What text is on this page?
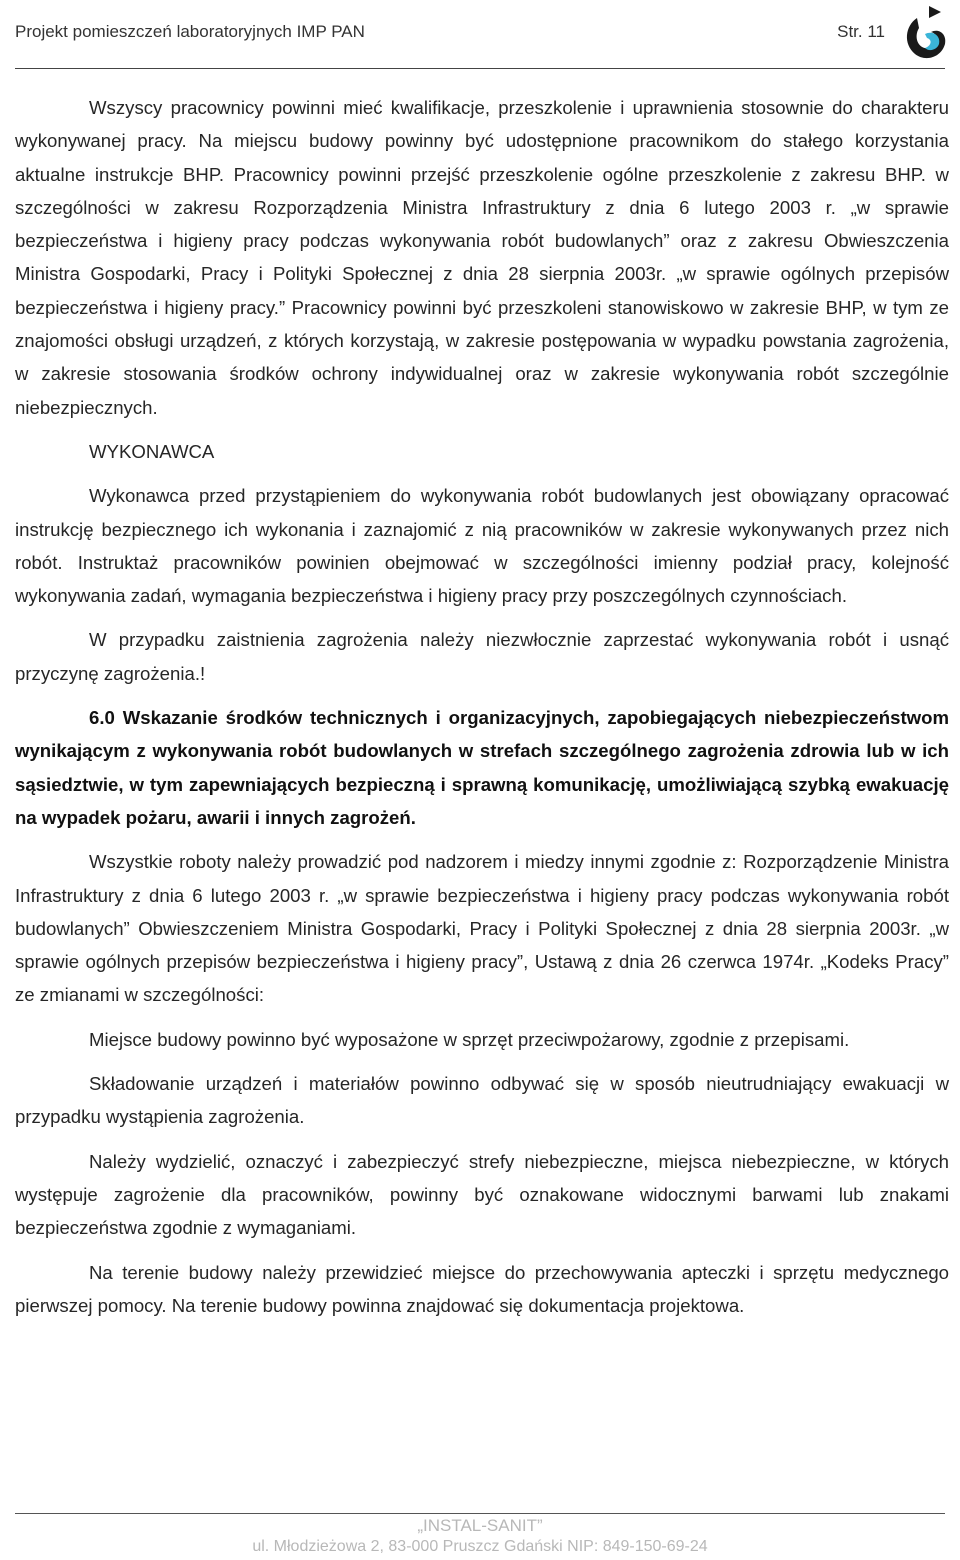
Projekt pomieszczeń laboratoryjnych IMP PAN	Str. 11

Wszyscy pracownicy powinni mieć kwalifikacje, przeszkolenie i uprawnienia stosownie do charakteru wykonywanej pracy. Na miejscu budowy powinny być udostępnione pracownikom do stałego korzystania aktualne instrukcje BHP. Pracownicy powinni przejść przeszkolenie ogólne przeszkolenie z zakresu BHP. w szczególności w zakresu Rozporządzenia Ministra Infrastruktury z dnia 6 lutego 2003 r. „w sprawie bezpieczeństwa i higieny pracy podczas wykonywania robót budowlanych” oraz z zakresu Obwieszczenia Ministra Gospodarki, Pracy i Polityki Społecznej z dnia 28 sierpnia 2003r. „w sprawie ogólnych przepisów bezpieczeństwa i higieny pracy.” Pracownicy powinni być przeszkoleni stanowiskowo w zakresie BHP, w tym ze znajomości obsługi urządzeń, z których korzystają, w zakresie postępowania w wypadku powstania zagrożenia, w zakresie stosowania środków ochrony indywidualnej oraz w zakresie wykonywania robót szczególnie niebezpiecznych.

WYKONAWCA

Wykonawca przed przystąpieniem do wykonywania robót budowlanych jest obowiązany opracować instrukcję bezpiecznego ich wykonania i zaznajomić z nią pracowników w zakresie wykonywanych przez nich robót. Instruktaż pracowników powinien obejmować w szczególności imienny podział pracy, kolejność wykonywania zadań, wymagania bezpieczeństwa i higieny pracy przy poszczególnych czynnościach.

W przypadku zaistnienia zagrożenia należy niezwłocznie zaprzestać wykonywania robót i usnąć przyczynę zagrożenia.!

6.0 Wskazanie środków technicznych i organizacyjnych, zapobiegających niebezpieczeństwom wynikającym z wykonywania robót budowlanych w strefach szczególnego zagrożenia zdrowia lub w ich sąsiedztwie, w tym zapewniających bezpieczną i sprawną komunikację, umożliwiającą szybką ewakuację na wypadek pożaru, awarii i innych zagrożeń.

Wszystkie roboty należy prowadzić pod nadzorem i miedzy innymi zgodnie z: Rozporządzenie Ministra Infrastruktury z dnia 6 lutego 2003 r. „w sprawie bezpieczeństwa i higieny pracy podczas wykonywania robót budowlanych” Obwieszczeniem Ministra Gospodarki, Pracy i Polityki Społecznej z dnia 28 sierpnia 2003r. „w sprawie ogólnych przepisów bezpieczeństwa i higieny pracy”, Ustawą z dnia 26 czerwca 1974r. „Kodeks Pracy” ze zmianami w szczególności:

Miejsce budowy powinno być wyposażone w sprzęt przeciwpożarowy, zgodnie z przepisami.

Składowanie urządzeń i materiałów powinno odbywać się w sposób nieutrudniający ewakuacji w przypadku wystąpienia zagrożenia.

Należy wydzielić, oznaczyć i zabezpieczyć strefy niebezpieczne, miejsca niebezpieczne, w których występuje zagrożenie dla pracowników, powinny być oznakowane widocznymi barwami lub znakami bezpieczeństwa zgodnie z wymaganiami.

Na terenie budowy należy przewidzieć miejsce do przechowywania apteczki i sprzętu medycznego pierwszej pomocy. Na terenie budowy powinna znajdować się dokumentacja projektowa.

„INSTAL-SANIT”
ul. Młodzieżowa 2, 83-000 Pruszcz Gdański NIP: 849-150-69-24
